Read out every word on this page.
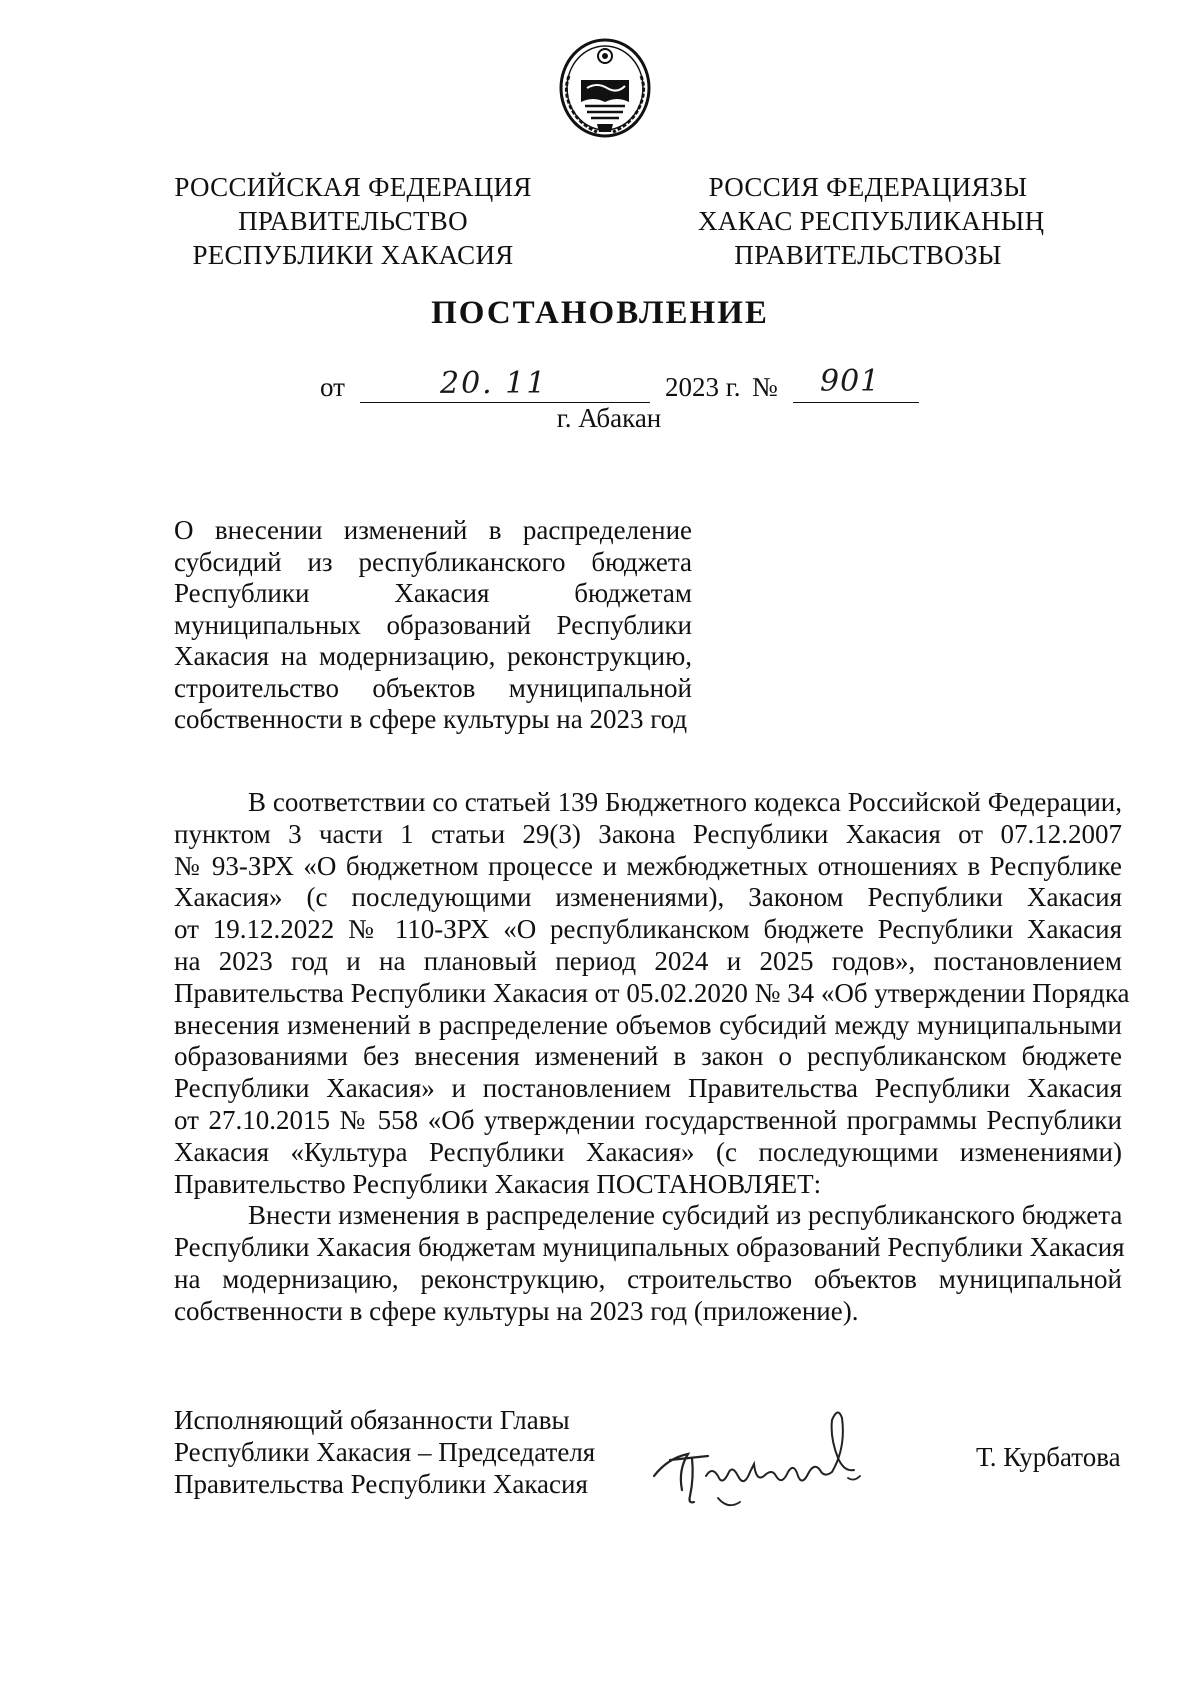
РОССИЙСКАЯ ФЕДЕРАЦИЯ
ПРАВИТЕЛЬСТВО
РЕСПУБЛИКИ ХАКАСИЯ
РОССИЯ ФЕДЕРАЦИЯЗЫ
ХАКАС РЕСПУБЛИКАНЫҢ
ПРАВИТЕЛЬСТВОЗЫ
ПОСТАНОВЛЕНИЕ
от	20. 11	2023 г. № 901
г. Абакан
О внесении изменений в распределение
субсидий из республиканского бюджета
Республики Хакасия бюджетам
муниципальных образований Республики
Хакасия на модернизацию, реконструкцию,
строительство объектов муниципальной
собственности в сфере культуры на 2023 год
В соответствии со статьей 139 Бюджетного кодекса Российской Федерации,
пунктом 3 части 1 статьи 29(3) Закона Республики Хакасия от 07.12.2007
№ 93-ЗРХ «О бюджетном процессе и межбюджетных отношениях в Республике
Хакасия» (с последующими изменениями), Законом Республики Хакасия
от 19.12.2022 № 110-ЗРХ «О республиканском бюджете Республики Хакасия
на 2023 год и на плановый период 2024 и 2025 годов», постановлением
Правительства Республики Хакасия от 05.02.2020 № 34 «Об утверждении Порядка
внесения изменений в распределение объемов субсидий между муниципальными
образованиями без внесения изменений в закон о республиканском бюджете
Республики Хакасия» и постановлением Правительства Республики Хакасия
от 27.10.2015 № 558 «Об утверждении государственной программы Республики
Хакасия «Культура Республики Хакасия» (с последующими изменениями)
Правительство Республики Хакасия ПОСТАНОВЛЯЕТ:
Внести изменения в распределение субсидий из республиканского бюджета
Республики Хакасия бюджетам муниципальных образований Республики Хакасия
на модернизацию, реконструкцию, строительство объектов муниципальной
собственности в сфере культуры на 2023 год (приложение).
Исполняющий обязанности Главы
Республики Хакасия – Председателя
Правительства Республики Хакасия
Т. Курбатова
